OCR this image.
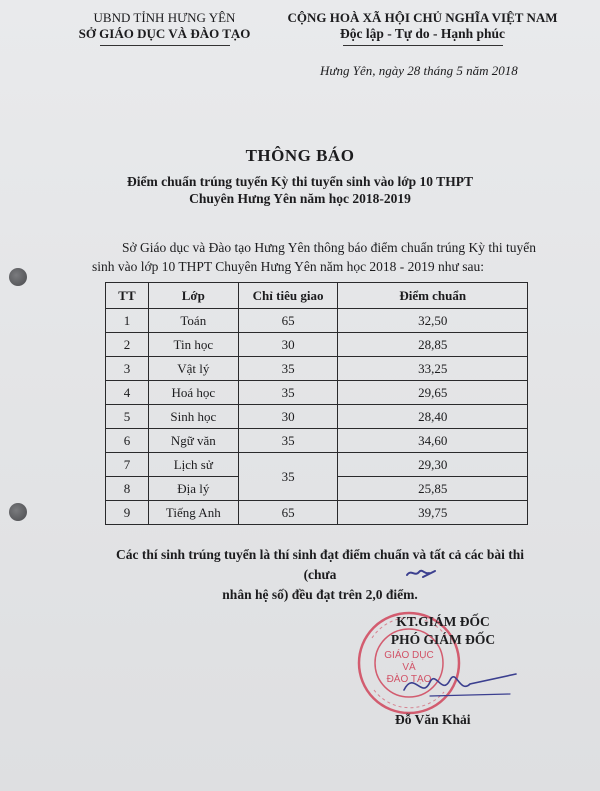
UBND TỈNH HƯNG YÊN
SỞ GIÁO DỤC VÀ ĐÀO TẠO
CỘNG HOÀ XÃ HỘI CHỦ NGHĨA VIỆT NAM
Độc lập - Tự do - Hạnh phúc
Hưng Yên, ngày 28 tháng 5 năm 2018
THÔNG BÁO
Điểm chuẩn trúng tuyển Kỳ thi tuyển sinh vào lớp 10 THPT
Chuyên Hưng Yên năm học 2018-2019
Sở Giáo dục và Đào tạo Hưng Yên thông báo điểm chuẩn trúng Kỳ thi tuyển sinh vào lớp 10 THPT Chuyên Hưng Yên năm học 2018 - 2019 như sau:
TT	Lớp	Chỉ tiêu giao	Điểm chuẩn
1	Toán	65	32,50
2	Tin học	30	28,85
3	Vật lý	35	33,25
4	Hoá học	35	29,65
5	Sinh học	30	28,40
6	Ngữ văn	35	34,60
7	Lịch sử	35	29,30
8	Địa lý		25,85
9	Tiếng Anh	65	39,75
Các thí sinh trúng tuyển là thí sinh đạt điểm chuẩn và tất cả các bài thi (chưa
nhân hệ số) đều đạt trên 2,0 điểm.
GIÁO DỤC
VÀ
ĐÀO TẠO
KT.GIÁM ĐỐC
PHÓ GIÁM ĐỐC
Đỗ Văn Khải
